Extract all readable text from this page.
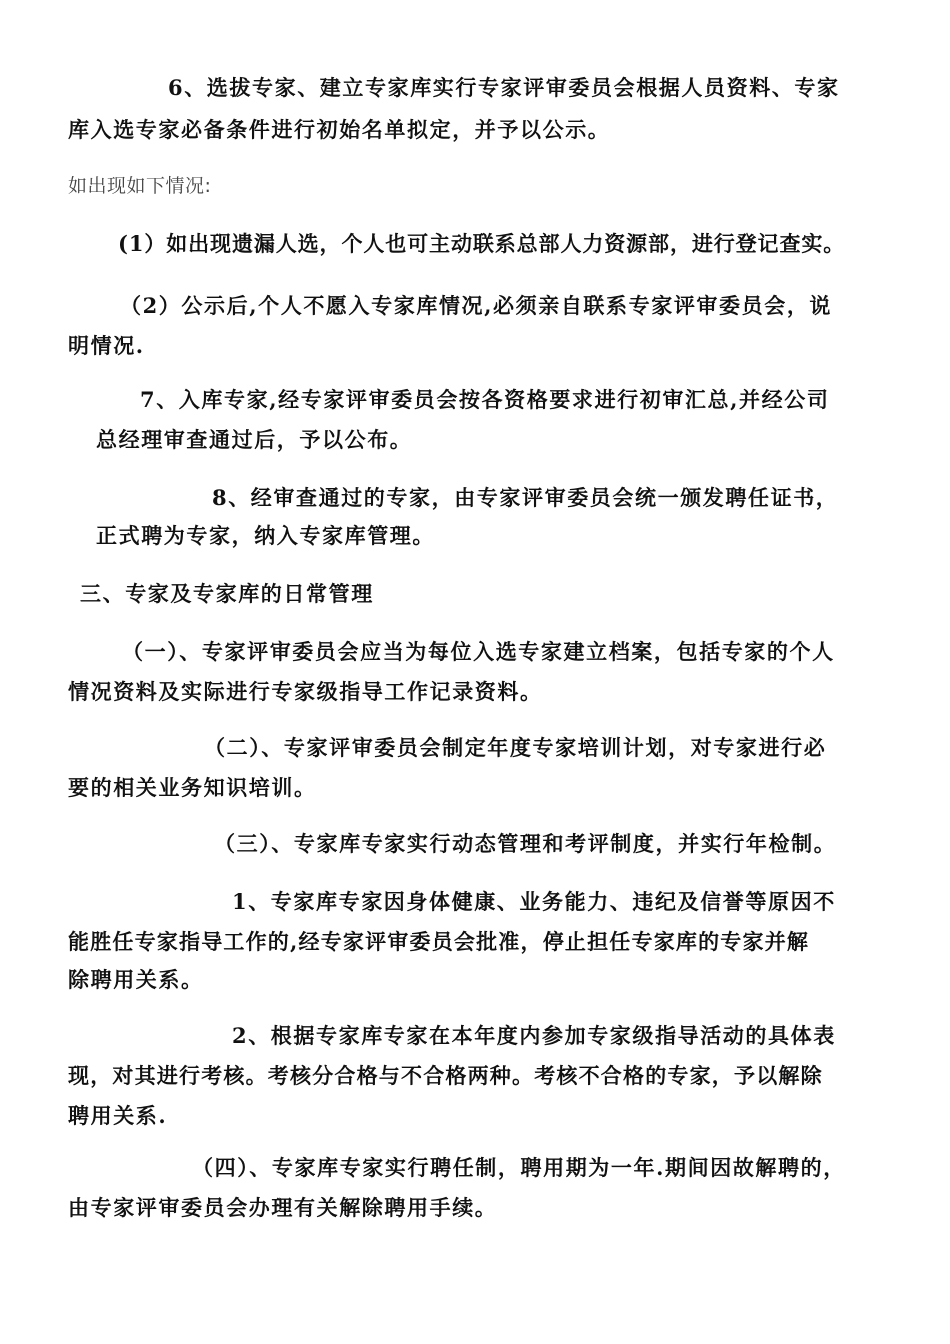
6、选拔专家、建立专家库实行专家评审委员会根据人员资料、专家
库入选专家必备条件进行初始名单拟定，并予以公示。
如出现如下情况:
(1）如出现遗漏人选，个人也可主动联系总部人力资源部，进行登记查实。
（2）公示后,个人不愿入专家库情况,必须亲自联系专家评审委员会，说
明情况.
7、入库专家,经专家评审委员会按各资格要求进行初审汇总,并经公司
总经理审查通过后，予以公布。
8、经审查通过的专家，由专家评审委员会统一颁发聘任证书，
正式聘为专家，纳入专家库管理。
三、专家及专家库的日常管理
（一）、专家评审委员会应当为每位入选专家建立档案，包括专家的个人
情况资料及实际进行专家级指导工作记录资料。
（二）、专家评审委员会制定年度专家培训计划，对专家进行必
要的相关业务知识培训。
（三）、专家库专家实行动态管理和考评制度，并实行年检制。
1、专家库专家因身体健康、业务能力、违纪及信誉等原因不
能胜任专家指导工作的,经专家评审委员会批准，停止担任专家库的专家并解
除聘用关系。
2、根据专家库专家在本年度内参加专家级指导活动的具体表
现，对其进行考核。考核分合格与不合格两种。考核不合格的专家，予以解除
聘用关系.
（四）、专家库专家实行聘任制，聘用期为一年.期间因故解聘的，
由专家评审委员会办理有关解除聘用手续。
